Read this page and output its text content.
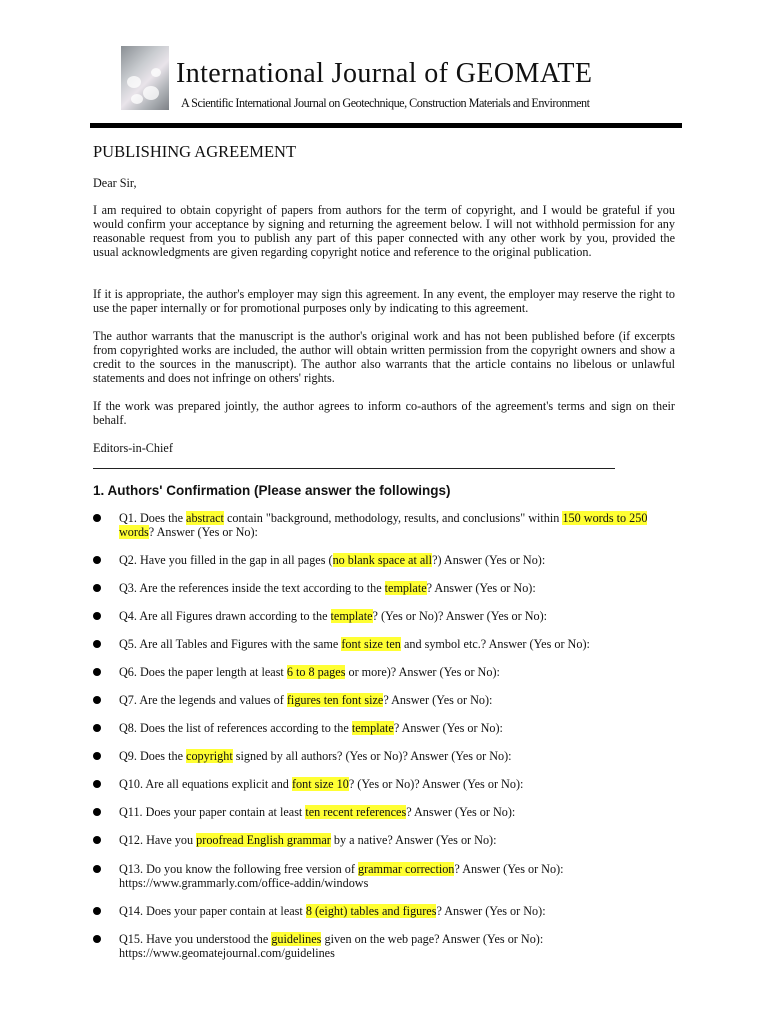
International Journal of GEOMATE
A Scientific International Journal on Geotechnique, Construction Materials and Environment
PUBLISHING AGREEMENT
Dear Sir,
I am required to obtain copyright of papers from authors for the term of copyright, and I would be grateful if you would confirm your acceptance by signing and returning the agreement below. I will not withhold permission for any reasonable request from you to publish any part of this paper connected with any other work by you, provided the usual acknowledgments are given regarding copyright notice and reference to the original publication.
If it is appropriate, the author's employer may sign this agreement. In any event, the employer may reserve the right to use the paper internally or for promotional purposes only by indicating to this agreement.
The author warrants that the manuscript is the author's original work and has not been published before (if excerpts from copyrighted works are included, the author will obtain written permission from the copyright owners and show a credit to the sources in the manuscript). The author also warrants that the article contains no libelous or unlawful statements and does not infringe on others' rights.
If the work was prepared jointly, the author agrees to inform co-authors of the agreement's terms and sign on their behalf.
Editors-in-Chief
1. Authors' Confirmation (Please answer the followings)
Q1. Does the abstract contain "background, methodology, results, and conclusions" within 150 words to 250 words? Answer (Yes or No):
Q2. Have you filled in the gap in all pages (no blank space at all?) Answer (Yes or No):
Q3. Are the references inside the text according to the template? Answer (Yes or No):
Q4. Are all Figures drawn according to the template? (Yes or No)? Answer (Yes or No):
Q5. Are all Tables and Figures with the same font size ten and symbol etc.? Answer (Yes or No):
Q6. Does the paper length at least 6 to 8 pages or more)? Answer (Yes or No):
Q7. Are the legends and values of figures ten font size? Answer (Yes or No):
Q8. Does the list of references according to the template? Answer (Yes or No):
Q9. Does the copyright signed by all authors? (Yes or No)? Answer (Yes or No):
Q10. Are all equations explicit and font size 10? (Yes or No)? Answer (Yes or No):
Q11. Does your paper contain at least ten recent references? Answer (Yes or No):
Q12. Have you proofread English grammar by a native? Answer (Yes or No):
Q13. Do you know the following free version of grammar correction? Answer (Yes or No):
https://www.grammarly.com/office-addin/windows
Q14. Does your paper contain at least 8 (eight) tables and figures? Answer (Yes or No):
Q15. Have you understood the guidelines given on the web page? Answer (Yes or No):
https://www.geomatejournal.com/guidelines
